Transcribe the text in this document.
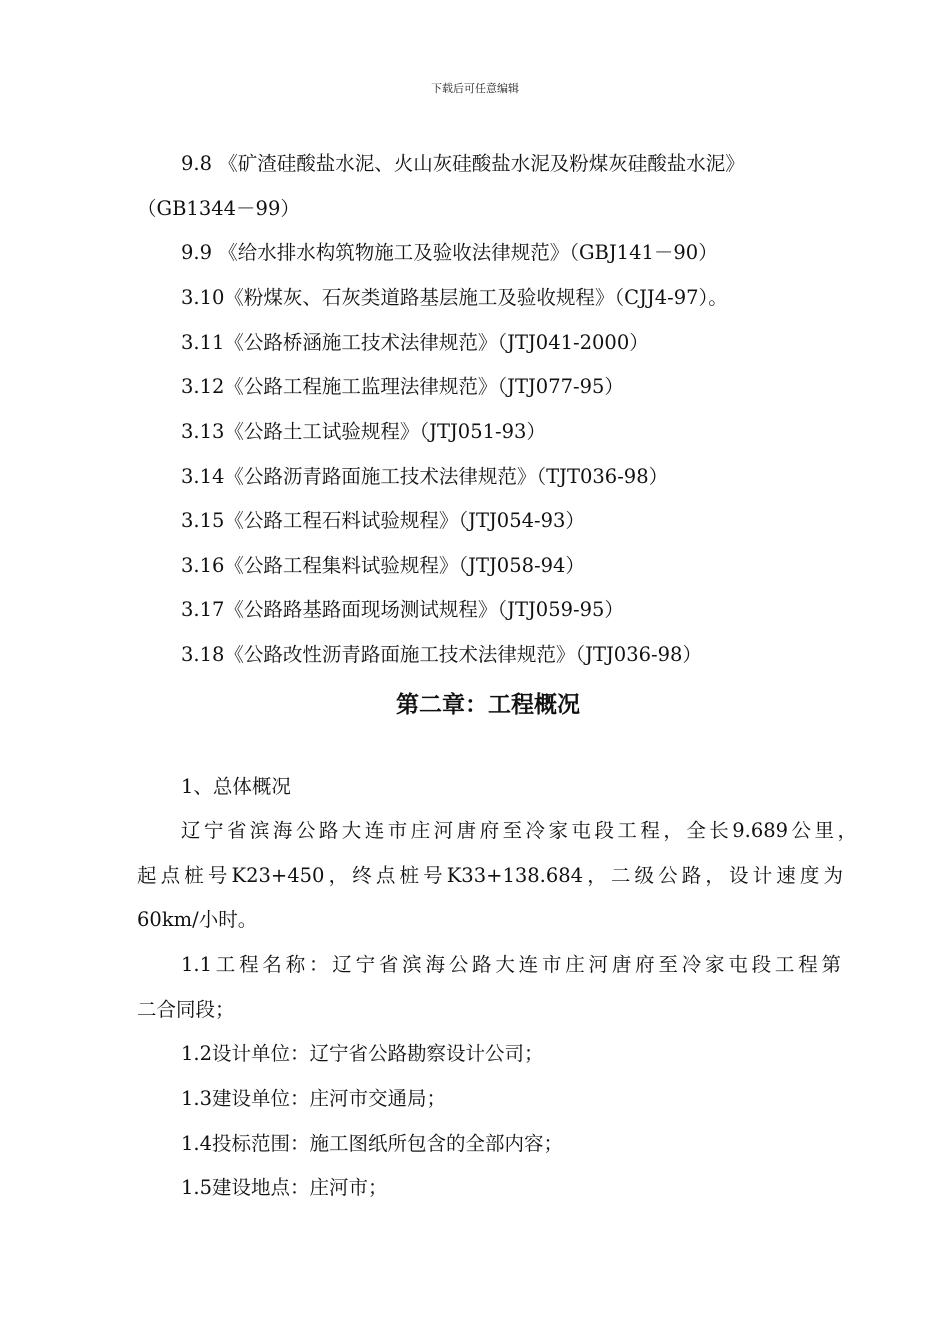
下载后可任意编辑
9.8 《矿渣硅酸盐水泥、火山灰硅酸盐水泥及粉煤灰硅酸盐水泥》
（GB1344－99）
9.9 《给水排水构筑物施工及验收法律规范》（GBJ141－90）
3.10《粉煤灰、石灰类道路基层施工及验收规程》（CJJ4-97）。
3.11《公路桥涵施工技术法律规范》（JTJ041-2000）
3.12《公路工程施工监理法律规范》（JTJ077-95）
3.13《公路土工试验规程》（JTJ051-93）
3.14《公路沥青路面施工技术法律规范》（TJT036-98）
3.15《公路工程石料试验规程》（JTJ054-93）
3.16《公路工程集料试验规程》（JTJ058-94）
3.17《公路路基路面现场测试规程》（JTJ059-95）
3.18《公路改性沥青路面施工技术法律规范》（JTJ036-98）
第二章：工程概况
1、总体概况
辽宁省滨海公路大连市庄河唐府至冷家屯段工程，全长9.689公里，
起点桩号K23+450，终点桩号K33+138.684，二级公路，设计速度为
60km/小时。
1.1工程名称：辽宁省滨海公路大连市庄河唐府至冷家屯段工程第
二合同段；
1.2设计单位：辽宁省公路勘察设计公司；
1.3建设单位：庄河市交通局；
1.4投标范围：施工图纸所包含的全部内容；
1.5建设地点：庄河市；
